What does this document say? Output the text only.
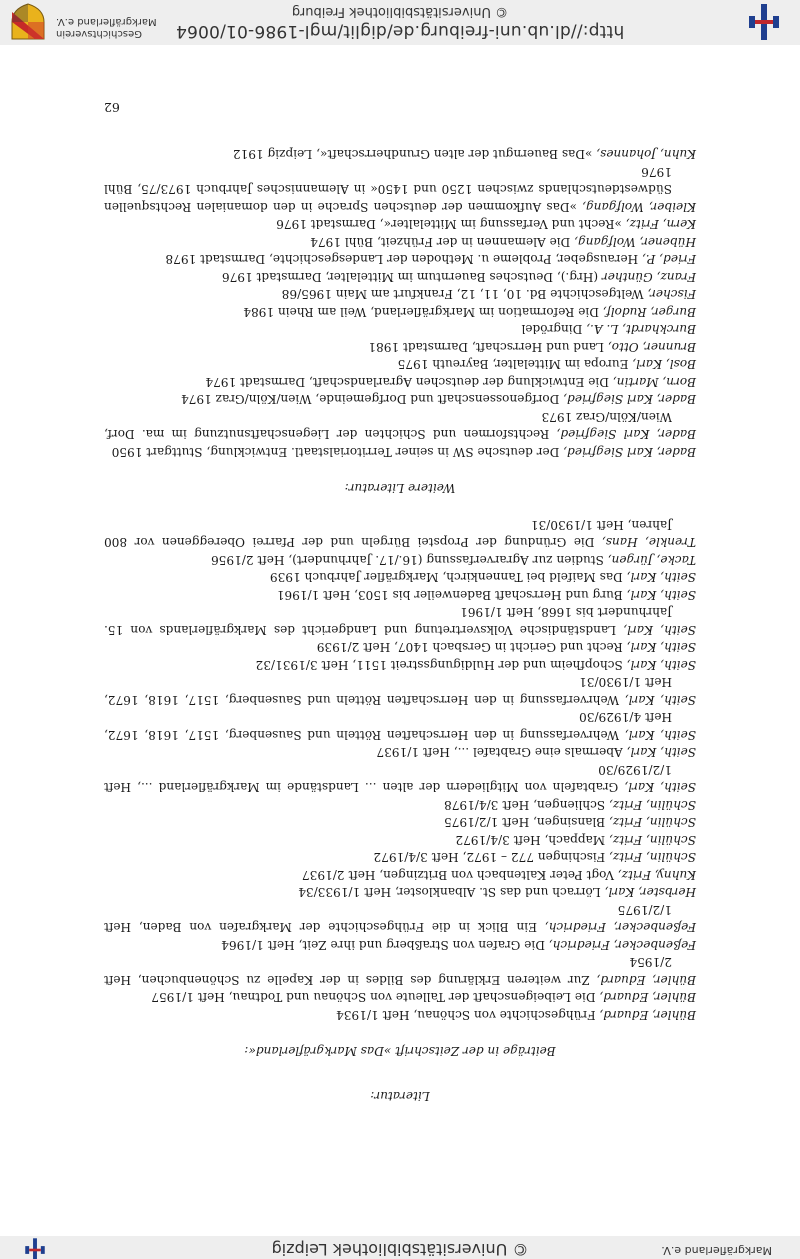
© Universitätsbibliothek Leipzig	Markgräflerland e.V.
http://dl.ub.uni-freiburg.de/diglit/mgl-1986-01/0064
© Universitätsbibliothek Freiburg
Geschichtsverein
Markgräflerland e.V.

Literatur:

Beiträge in der Zeitschrift »Das Markgräflerland«:

Bühler, Eduard, Frühgeschichte von Schönau, Heft 1/1934

Bühler, Eduard, Die Leibeigenschaft der Talleute von Schönau und Todtnau, Heft 1/1957

Bühler, Eduard, Zur weiteren Erklärung des Bildes in der Kapelle zu Schönenbuchen, Heft 2/1954

Feßenbecker, Friedrich, Die Grafen von Straßberg und ihre Zeit, Heft 1/1964

Feßenbecker, Friedrich, Ein Blick in die Frühgeschichte der Markgrafen von Baden, Heft 1/2/1975

Herbster, Karl, Lörrach und das St. Albankloster, Heft 1/1933/34

Kuhny, Fritz, Vogt Peter Kaltenbach von Britzingen, Heft 2/1937

Schülin, Fritz, Fischingen 772 – 1972, Heft 3/4/1972

Schülin, Fritz, Mappach, Heft 3/4/1972

Schülin, Fritz, Blansingen, Heft 1/2/1975

Schülin, Fritz, Schliengen, Heft 3/4/1978

Seith, Karl, Grabtafeln von Mitgliedern der alten ... Landstände im Markgräflerland ..., Heft 1/2/1929/30

Seith, Karl, Abermals eine Grabtafel ..., Heft 1/1937

Seith, Karl, Wehrverfassung in den Herrschaften Rötteln und Sausenberg, 1517, 1618, 1672, Heft 4/1929/30

Seith, Karl, Wehrverfassung in den Herrschaften Rötteln und Sausenberg, 1517, 1618, 1672, Heft 1/1930/31

Seith, Karl, Schopfheim und der Huldigungsstreit 1511, Heft 3/1931/32

Seith, Karl, Recht und Gericht in Gersbach 1407, Heft 2/1939

Seith, Karl, Landständische Volksvertretung und Landgericht des Markgräflerlands von 15. Jahrhundert bis 1668, Heft 1/1961

Seith, Karl, Burg und Herrschaft Badenweiler bis 1503, Heft 1/1961

Seith, Karl, Das Maifeld bei Tannenkirch, Markgräfler Jahrbuch 1939

Tacke, Jürgen, Studien zur Agrarverfassung (16./17. Jahrhundert), Heft 2/1956

Trenkle, Hans, Die Gründung der Propstei Bürgeln und der Pfarrei Obereggenen vor 800 Jahren, Heft 1/1930/31

Weitere Literatur:

Bader, Karl Siegfried, Der deutsche SW in seiner Territorialstaatl. Entwicklung, Stuttgart 1950

Bader, Karl Siegfried, Rechtsformen und Schichten der Liegenschaftsnutzung im ma. Dorf, Wien/Köln/Graz 1973

Bader, Karl Siegfried, Dorfgenossenschaft und Dorfgemeinde, Wien/Köln/Graz 1974

Born, Martin, Die Entwicklung der deutschen Agrarlandschaft, Darmstadt 1974

Bosl, Karl, Europa im Mittelalter, Bayreuth 1975

Brunner, Otto, Land und Herrschaft, Darmstadt 1981

Burckhardt, L. A., Dingrödel

Burger, Rudolf, Die Reformation im Markgräflerland, Weil am Rhein 1984

Fischer, Weltgeschichte Bd. 10, 11, 12, Frankfurt am Main 1965/68

Franz, Günther (Hrg.), Deutsches Bauerntum im Mittelalter, Darmstadt 1976

Fried, P., Herausgeber, Probleme u. Methoden der Landesgeschichte, Darmstadt 1978

Hübener, Wolfgang, Die Alemannen in der Frühzeit, Bühl 1974

Kern, Fritz, »Recht und Verfassung im Mittelalter«, Darmstadt 1976

Kleiber, Wolfgang, »Das Aufkommen der deutschen Sprache in den domanialen Rechtsquellen Südwestdeutschlands zwischen 1250 und 1450« in Alemannisches Jahrbuch 1973/75, Bühl 1976

Kuhn, Johannes, »Das Bauerngut der alten Grundherrschaft«, Leipzig 1912

62
